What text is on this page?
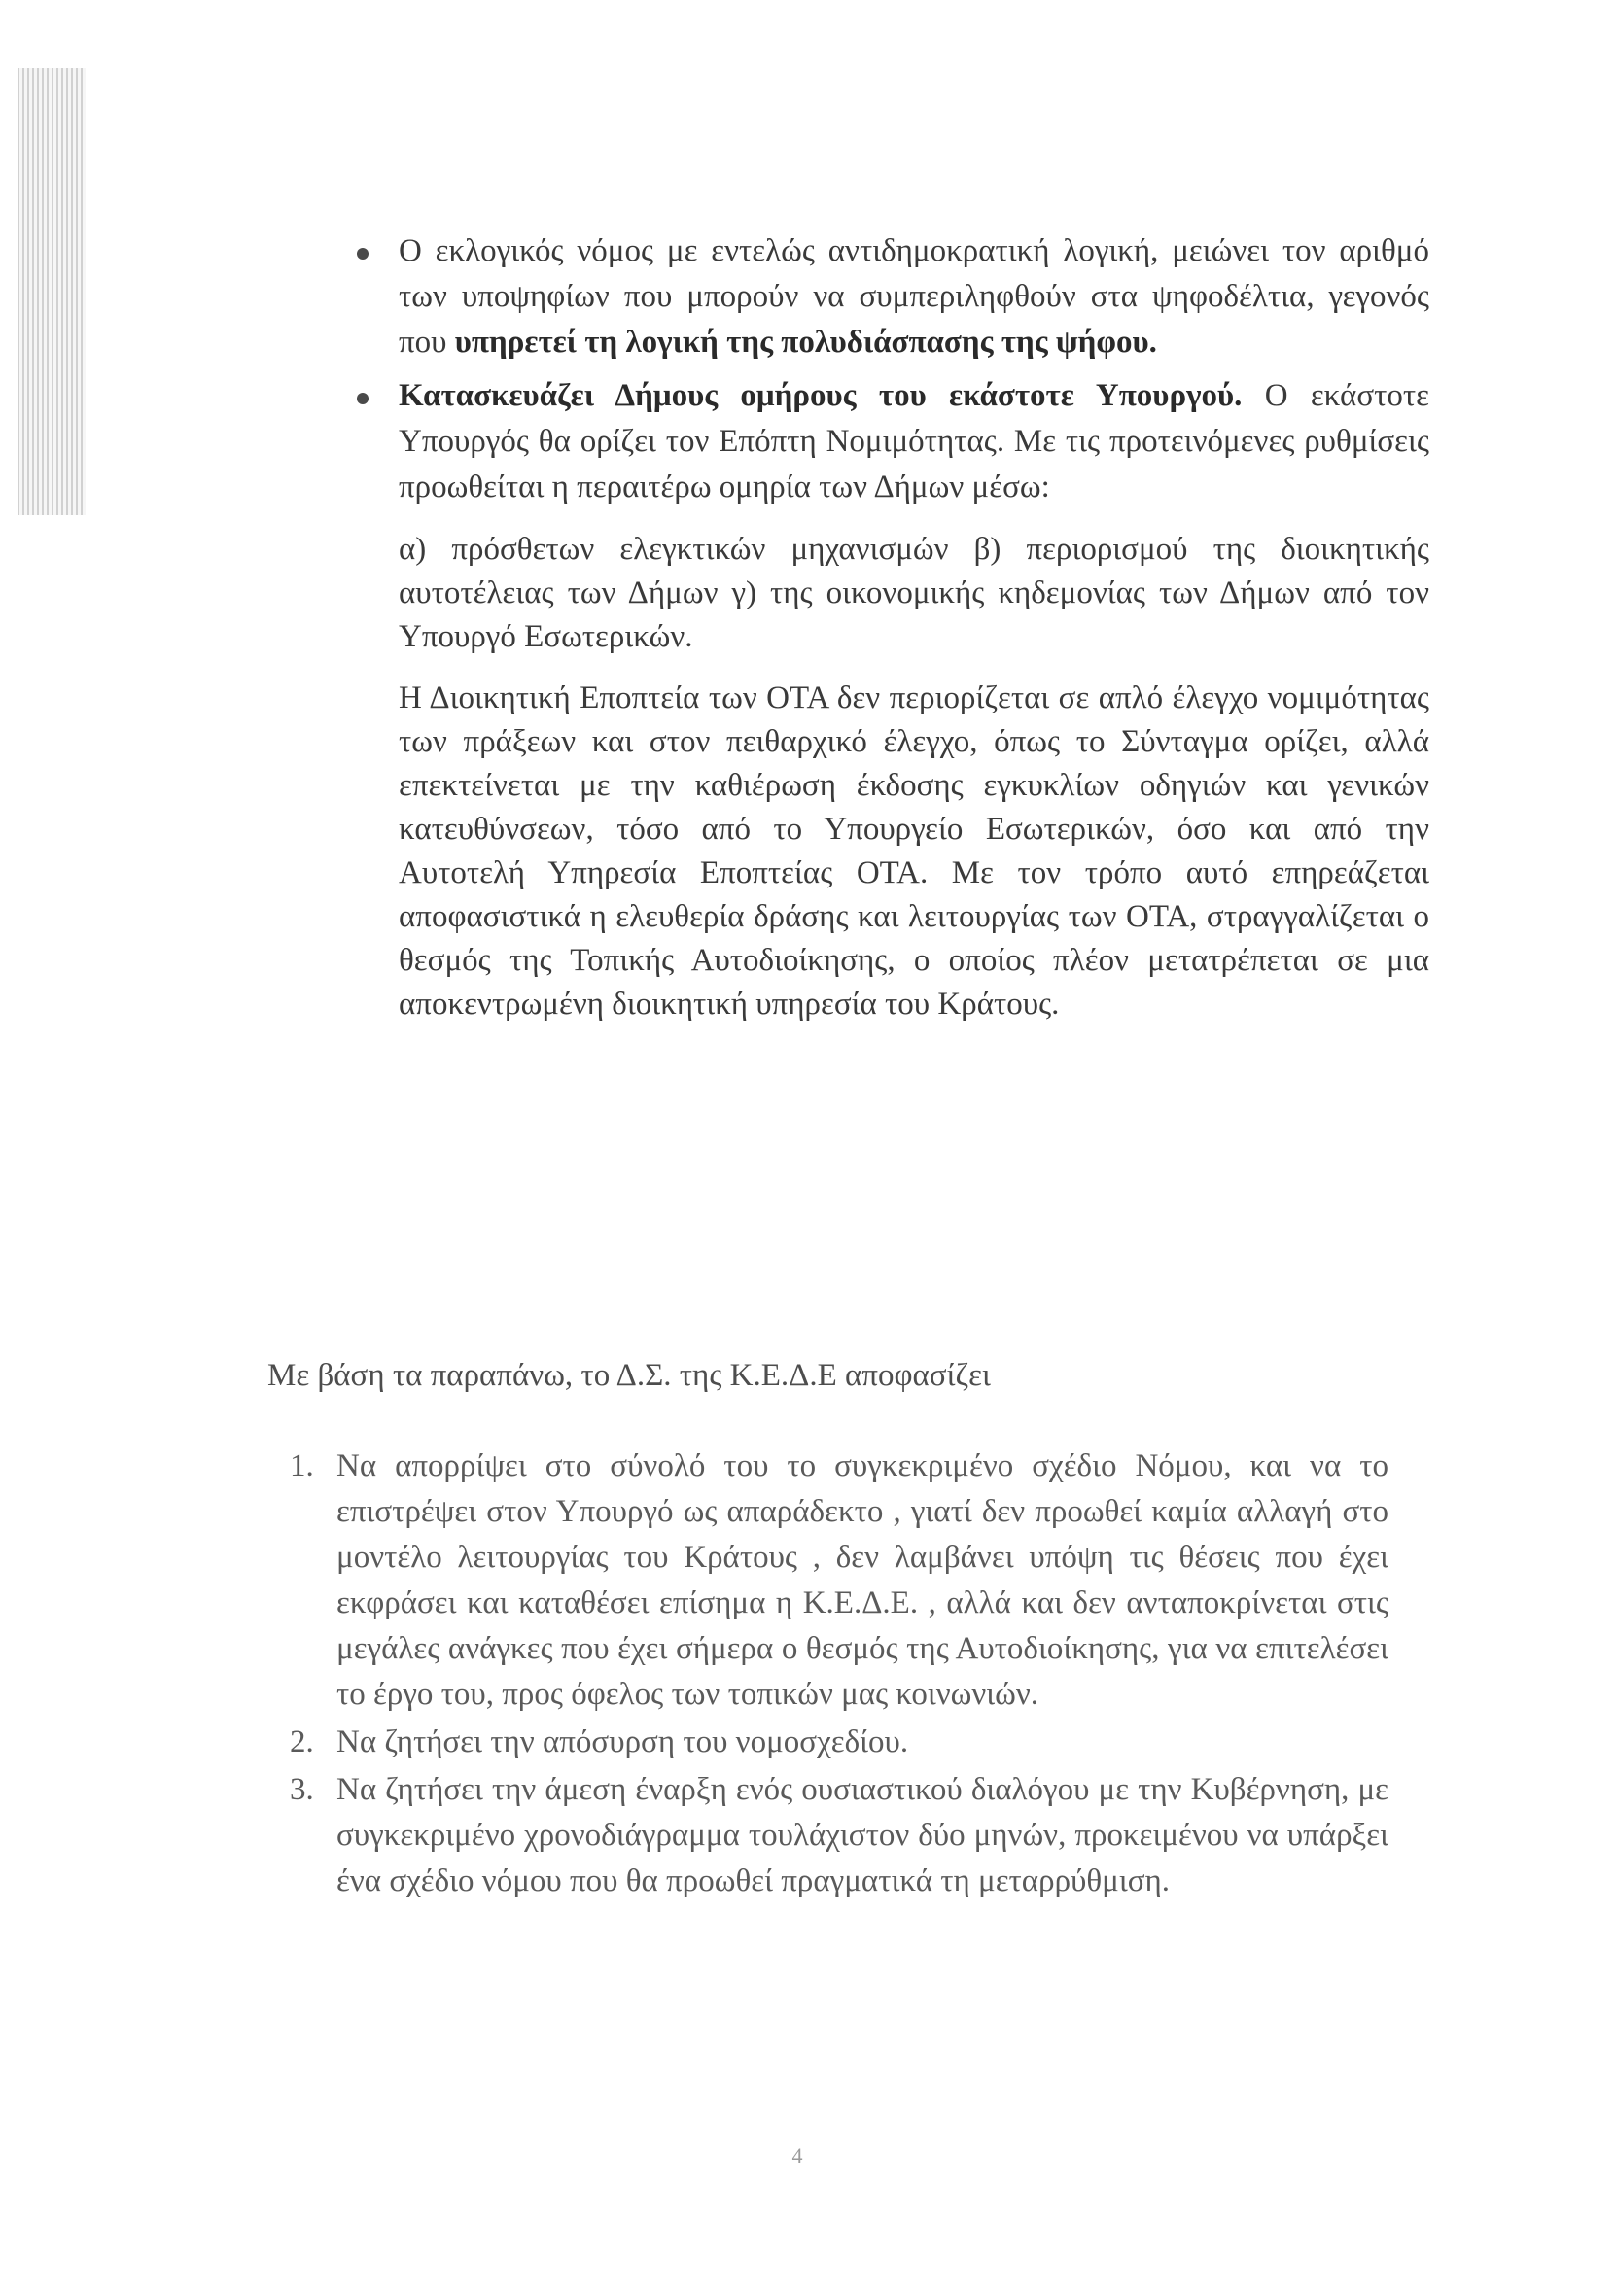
Ο εκλογικός νόμος με εντελώς αντιδημοκρατική λογική, μειώνει τον αριθμό των υποψηφίων που μπορούν να συμπεριληφθούν στα ψηφοδέλτια, γεγονός που υπηρετεί τη λογική της πολυδιάσπασης της ψήφου.

Κατασκευάζει Δήμους ομήρους του εκάστοτε Υπουργού. Ο εκάστοτε Υπουργός θα ορίζει τον Επόπτη Νομιμότητας. Με τις προτεινόμενες ρυθμίσεις προωθείται η περαιτέρω ομηρία των Δήμων μέσω:

α) πρόσθετων ελεγκτικών μηχανισμών β) περιορισμού της διοικητικής αυτοτέλειας των Δήμων γ) της οικονομικής κηδεμονίας των Δήμων από τον Υπουργό Εσωτερικών.

Η Διοικητική Εποπτεία των ΟΤΑ δεν περιορίζεται σε απλό έλεγχο νομιμότητας των πράξεων και στον πειθαρχικό έλεγχο, όπως το Σύνταγμα ορίζει, αλλά επεκτείνεται με την καθιέρωση έκδοσης εγκυκλίων οδηγιών και γενικών κατευθύνσεων, τόσο από το Υπουργείο Εσωτερικών, όσο και από την Αυτοτελή Υπηρεσία Εποπτείας ΟΤΑ. Με τον τρόπο αυτό επηρεάζεται αποφασιστικά η ελευθερία δράσης και λειτουργίας των ΟΤΑ, στραγγαλίζεται ο θεσμός της Τοπικής Αυτοδιοίκησης, ο οποίος πλέον μετατρέπεται σε μια αποκεντρωμένη διοικητική υπηρεσία του Κράτους.

Με βάση τα παραπάνω, το Δ.Σ. της Κ.Ε.Δ.Ε αποφασίζει

1. Να απορρίψει στο σύνολό του το συγκεκριμένο σχέδιο Νόμου, και να το επιστρέψει στον Υπουργό ως απαράδεκτο , γιατί δεν προωθεί καμία αλλαγή στο μοντέλο λειτουργίας του Κράτους , δεν λαμβάνει υπόψη τις θέσεις που έχει εκφράσει και καταθέσει επίσημα η Κ.Ε.Δ.Ε. , αλλά και δεν ανταποκρίνεται στις μεγάλες ανάγκες που έχει σήμερα ο θεσμός της Αυτοδιοίκησης, για να επιτελέσει το έργο του, προς όφελος των τοπικών μας κοινωνιών.

2. Να ζητήσει την απόσυρση του νομοσχεδίου.

3. Να ζητήσει την άμεση έναρξη ενός ουσιαστικού διαλόγου με την Κυβέρνηση, με συγκεκριμένο χρονοδιάγραμμα τουλάχιστον δύο μηνών, προκειμένου να υπάρξει ένα σχέδιο νόμου που θα προωθεί πραγματικά τη μεταρρύθμιση.

4
